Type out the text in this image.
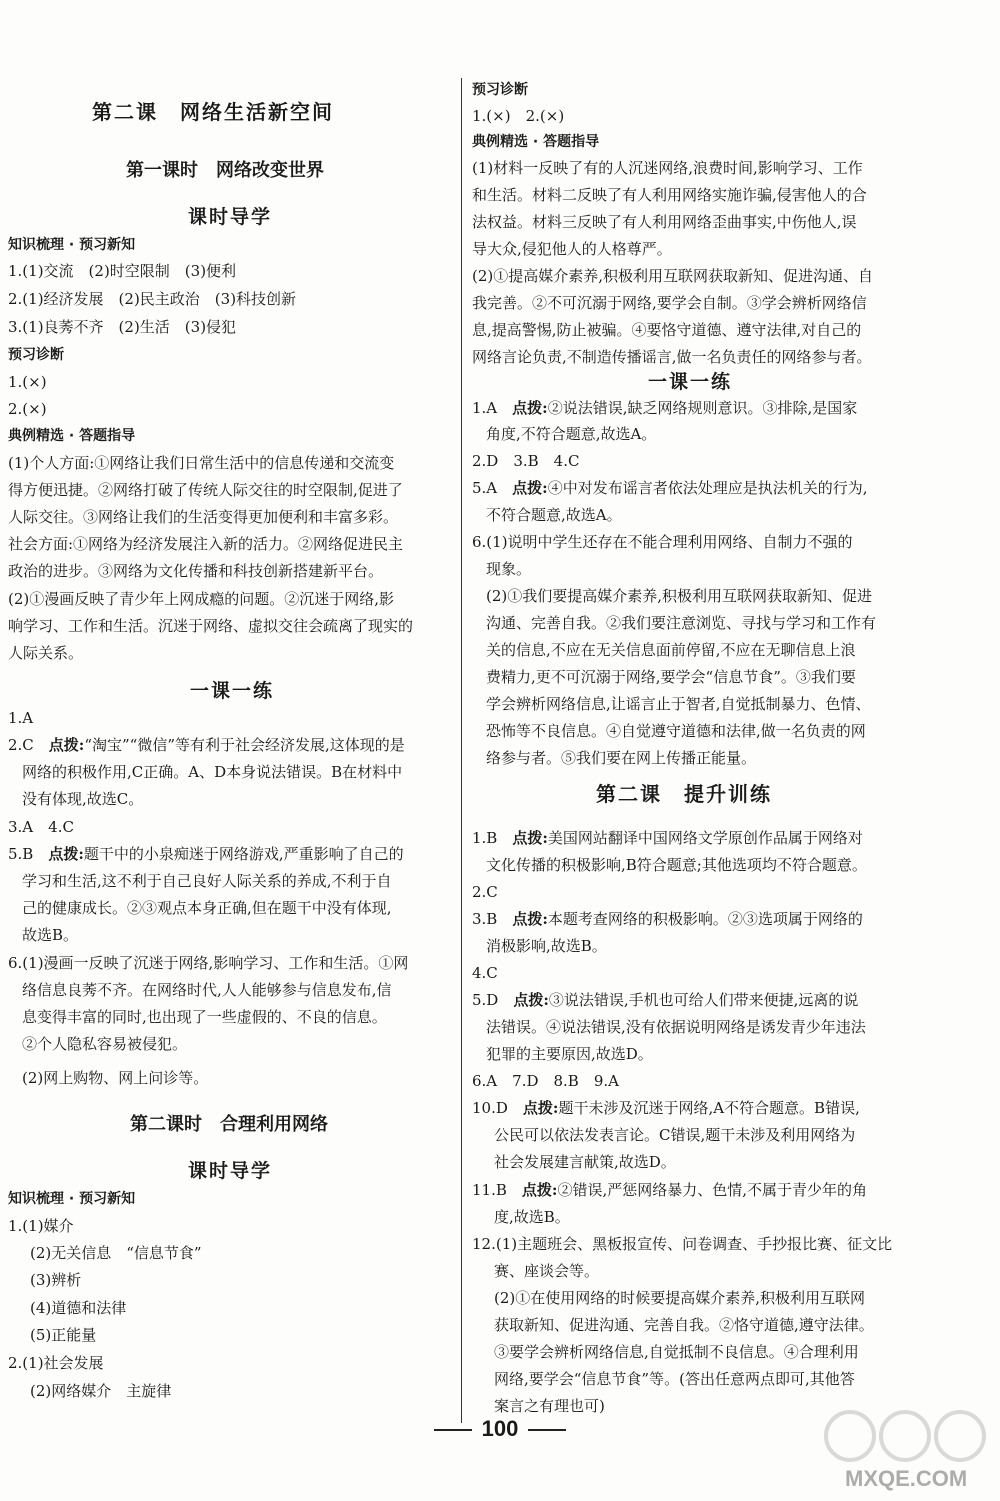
第二课　网络生活新空间
第一课时　网络改变世界
课时导学
知识梳理 · 预习新知
1.(1)交流　(2)时空限制　(3)便利
2.(1)经济发展　(2)民主政治　(3)科技创新
3.(1)良莠不齐　(2)生活　(3)侵犯
预习诊断
1.(×)
2.(×)
典例精选 · 答题指导
(1)个人方面:①网络让我们日常生活中的信息传递和交流变
得方便迅捷。②网络打破了传统人际交往的时空限制,促进了
人际交往。③网络让我们的生活变得更加便利和丰富多彩。
社会方面:①网络为经济发展注入新的活力。②网络促进民主
政治的进步。③网络为文化传播和科技创新搭建新平台。
(2)①漫画反映了青少年上网成瘾的问题。②沉迷于网络,影
响学习、工作和生活。沉迷于网络、虚拟交往会疏离了现实的
人际关系。
一课一练
1.A
2.C　点拨:“淘宝”“微信”等有利于社会经济发展,这体现的是
网络的积极作用,C正确。A、D本身说法错误。B在材料中
没有体现,故选C。
3.A　4.C
5.B　点拨:题干中的小泉痴迷于网络游戏,严重影响了自己的
学习和生活,这不利于自己良好人际关系的养成,不利于自
己的健康成长。②③观点本身正确,但在题干中没有体现,
故选B。
6.(1)漫画一反映了沉迷于网络,影响学习、工作和生活。①网
络信息良莠不齐。在网络时代,人人能够参与信息发布,信
息变得丰富的同时,也出现了一些虚假的、不良的信息。
②个人隐私容易被侵犯。
(2)网上购物、网上问诊等。
第二课时　合理利用网络
课时导学
知识梳理 · 预习新知
1.(1)媒介
(2)无关信息　“信息节食”
(3)辨析
(4)道德和法律
(5)正能量
2.(1)社会发展
(2)网络媒介　主旋律
预习诊断
1.(×)　2.(×)
典例精选 · 答题指导
(1)材料一反映了有的人沉迷网络,浪费时间,影响学习、工作
和生活。材料二反映了有人利用网络实施诈骗,侵害他人的合
法权益。材料三反映了有人利用网络歪曲事实,中伤他人,误
导大众,侵犯他人的人格尊严。
(2)①提高媒介素养,积极利用互联网获取新知、促进沟通、自
我完善。②不可沉溺于网络,要学会自制。③学会辨析网络信
息,提高警惕,防止被骗。④要恪守道德、遵守法律,对自己的
网络言论负责,不制造传播谣言,做一名负责任的网络参与者。
一课一练
1.A　点拨:②说法错误,缺乏网络规则意识。③排除,是国家
角度,不符合题意,故选A。
2.D　3.B　4.C
5.A　点拨:④中对发布谣言者依法处理应是执法机关的行为,
不符合题意,故选A。
6.(1)说明中学生还存在不能合理利用网络、自制力不强的
现象。
(2)①我们要提高媒介素养,积极利用互联网获取新知、促进
沟通、完善自我。②我们要注意浏览、寻找与学习和工作有
关的信息,不应在无关信息面前停留,不应在无聊信息上浪
费精力,更不可沉溺于网络,要学会“信息节食”。③我们要
学会辨析网络信息,让谣言止于智者,自觉抵制暴力、色情、
恐怖等不良信息。④自觉遵守道德和法律,做一名负责的网
络参与者。⑤我们要在网上传播正能量。
第二课　提升训练
1.B　点拨:美国网站翻译中国网络文学原创作品属于网络对
文化传播的积极影响,B符合题意;其他选项均不符合题意。
2.C
3.B　点拨:本题考查网络的积极影响。②③选项属于网络的
消极影响,故选B。
4.C
5.D　点拨:③说法错误,手机也可给人们带来便捷,远离的说
法错误。④说法错误,没有依据说明网络是诱发青少年违法
犯罪的主要原因,故选D。
6.A　7.D　8.B　9.A
10.D　点拨:题干未涉及沉迷于网络,A不符合题意。B错误,
公民可以依法发表言论。C错误,题干未涉及利用网络为
社会发展建言献策,故选D。
11.B　点拨:②错误,严惩网络暴力、色情,不属于青少年的角
度,故选B。
12.(1)主题班会、黑板报宣传、问卷调查、手抄报比赛、征文比
赛、座谈会等。
(2)①在使用网络的时候要提高媒介素养,积极利用互联网
获取新知、促进沟通、完善自我。②恪守道德,遵守法律。
③要学会辨析网络信息,自觉抵制不良信息。④合理利用
网络,要学会“信息节食”等。(答出任意两点即可,其他答
案言之有理也可)
100
MXQE.COM
